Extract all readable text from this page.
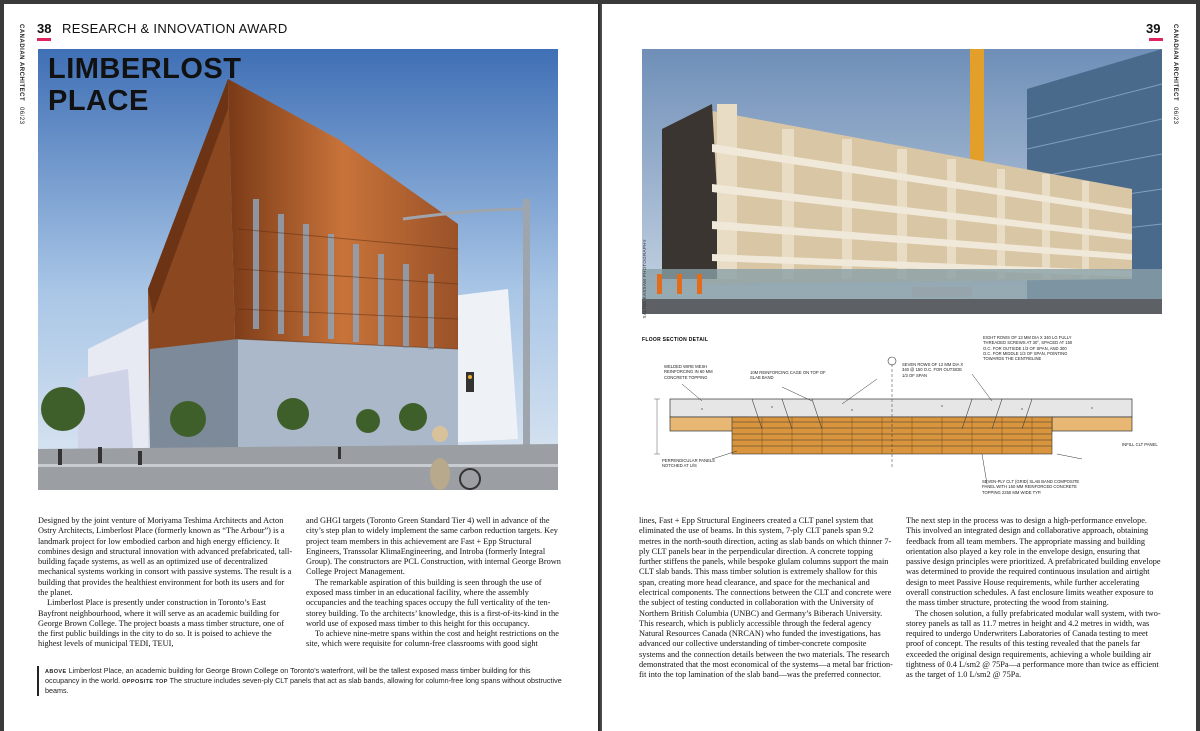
38 RESEARCH & INNOVATION AWARD
CANADIAN ARCHITECT 06/23
LIMBERLOST
PLACE

Designed by the joint venture of Moriyama Teshima Architects and Acton Ostry Architects, Limberlost Place (formerly known as “The Arbour”) is a landmark project for low embodied carbon and high energy efficiency. It combines design and structural innovation with advanced prefabricated, tall-building façade systems, as well as an optimized use of decentralized mechanical systems working in consort with passive systems. The result is a building that provides the healthiest environment for both its users and for the planet.

Limberlost Place is presently under construction in Toronto’s East Bayfront neighbourhood, where it will serve as an academic building for George Brown College. The project boasts a mass timber structure, one of the first public buildings in the city to do so. It is poised to achieve the highest levels of municipal TEDI, TEUI,

and GHGI targets (Toronto Green Standard Tier 4) well in advance of the city’s step plan to widely implement the same carbon reduction targets. Key project team members in this achievement are Fast + Epp Structural Engineers, Transsolar KlimaEngineering, and Introba (formerly Integral Group). The constructors are PCL Construction, with internal George Brown College Project Management.

The remarkable aspiration of this building is seen through the use of exposed mass timber in an educational facility, where the assembly occupancies and the teaching spaces occupy the full verticality of the ten-storey building. To the architects’ knowledge, this is a first-of-its-kind in the world use of exposed mass timber to this height for this occupancy.

To achieve nine-metre spans within the cost and height restrictions on the site, which were requisite for column-free classrooms with good sight

ABOVE Limberlost Place, an academic building for George Brown College on Toronto’s waterfront, will be the tallest exposed mass timber building for this occupancy in the world. OPPOSITE TOP The structure includes seven-ply CLT panels that act as slab bands, allowing for column-free long spans without obstructive beams.
39 CANADIAN ARCHITECT 06/23
SALINA KASSAM PHOTOGRAPHY
FLOOR SECTION DETAIL
WELDED WIRE MESH REINFORCING IN 60 MM CONCRETE TOPPING
10M REINFORCING CAGE ON TOP OF SLAB BAND
SEVEN ROWS OF 12 MM DIA X 340 @ 150 O.C. FOR OUTSIDE 1/3 OF SPAN
EIGHT ROWS OF 13 MM DIA X 340 LG FULLY THREADED SCREWS AT 30°, SPACED AT 150 O.C. FOR OUTSIDE 1/3 OF SPAN, AND 300 O.C. FOR MIDDLE 1/3 OF SPAN, POINTING TOWARDS THE CENTRELINE
INFILL CLT PANEL
PERPENDICULAR PANELS NOTCHED AT U/S
SEVEN-PLY CLT (GRID) SLAB BAND COMPOSITE PANEL WITH 150 MM REINFORCED CONCRETE TOPPING 2250 MM WIDE TYP.

lines, Fast + Epp Structural Engineers created a CLT panel system that eliminated the use of beams. In this system, 7-ply CLT panels span 9.2 metres in the north-south direction, acting as slab bands on which thinner 7-ply CLT panels bear in the perpendicular direction. A concrete topping further stiffens the panels, while bespoke glulam columns support the main CLT slab bands. This mass timber solution is extremely shallow for this span, creating more head clearance, and space for the mechanical and electrical components. The connections between the CLT and concrete were the subject of testing conducted in collaboration with the University of Northern British Columbia (UNBC) and Germany’s Biberach University. This research, which is publicly accessible through the federal agency Natural Resources Canada (NRCAN) who funded the investigations, has advanced our collective understanding of timber-concrete composite systems and the connection details between the two materials. The research demonstrated that the most economical of the systems—a metal bar friction-fit into the top lamination of the slab band—was the preferred connector.

The next step in the process was to design a high-performance envelope. This involved an integrated design and collaborative approach, obtaining feedback from all team members. The appropriate massing and building orientation also played a key role in the envelope design, ensuring that passive design principles were prioritized. A prefabricated building envelope was determined to provide the required continuous insulation and airtight design to meet Passive House requirements, while further accelerating overall construction schedules. A fast enclosure limits weather exposure to the mass timber structure, protecting the wood from staining.

The chosen solution, a fully prefabricated modular wall system, with two-storey panels as tall as 11.7 metres in height and 4.2 metres in width, was required to undergo Underwriters Laboratories of Canada testing to meet proof of concept. The results of this testing revealed that the panels far exceeded the original design requirements, achieving a whole building air tightness of 0.4 L/sm2 @ 75Pa—a performance more than twice as efficient as the target of 1.0 L/sm2 @ 75Pa.
